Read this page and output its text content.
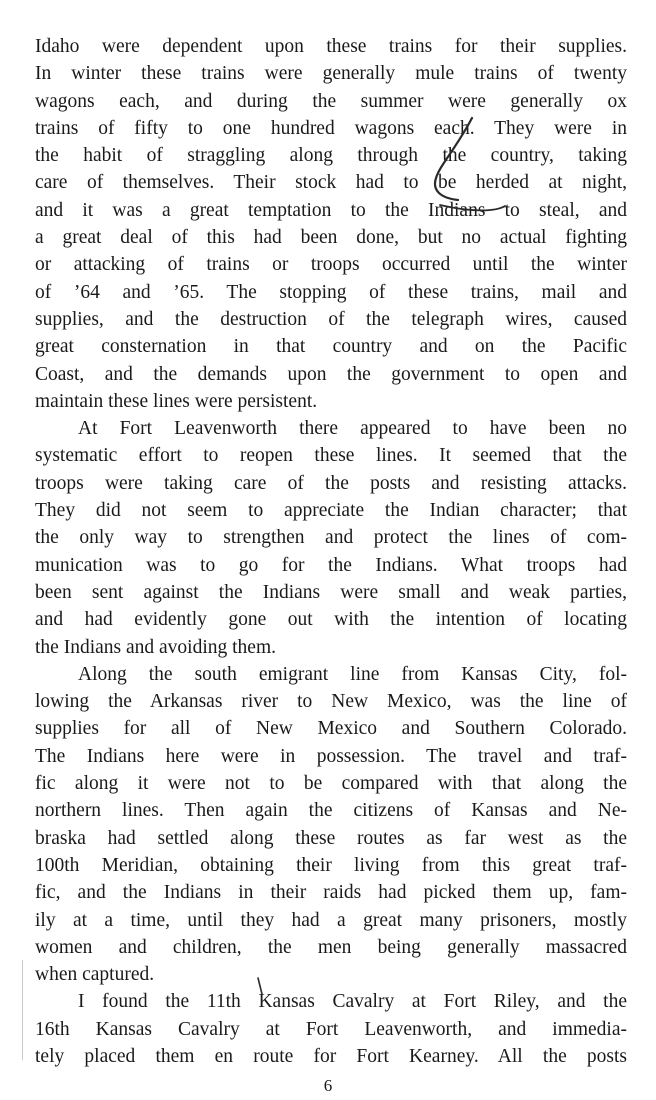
Idaho were dependent upon these trains for their supplies.
In winter these trains were generally mule trains of twenty
wagons each, and during the summer were generally ox
trains of fifty to one hundred wagons each. They were in
the habit of straggling along through the country, taking
care of themselves. Their stock had to be herded at night,
and it was a great temptation to the Indians to steal, and
a great deal of this had been done, but no actual fighting
or attacking of trains or troops occurred until the winter
of ’64 and ’65. The stopping of these trains, mail and
supplies, and the destruction of the telegraph wires, caused
great consternation in that country and on the Pacific
Coast, and the demands upon the government to open and
maintain these lines were persistent.
At Fort Leavenworth there appeared to have been no
systematic effort to reopen these lines. It seemed that the
troops were taking care of the posts and resisting attacks.
They did not seem to appreciate the Indian character; that
the only way to strengthen and protect the lines of com-
munication was to go for the Indians. What troops had
been sent against the Indians were small and weak parties,
and had evidently gone out with the intention of locating
the Indians and avoiding them.
Along the south emigrant line from Kansas City, fol-
lowing the Arkansas river to New Mexico, was the line of
supplies for all of New Mexico and Southern Colorado.
The Indians here were in possession. The travel and traf-
fic along it were not to be compared with that along the
northern lines. Then again the citizens of Kansas and Ne-
braska had settled along these routes as far west as the
100th Meridian, obtaining their living from this great traf-
fic, and the Indians in their raids had picked them up, fam-
ily at a time, until they had a great many prisoners, mostly
women and children, the men being generally massacred
when captured.
I found the 11th Kansas Cavalry at Fort Riley, and the
16th Kansas Cavalry at Fort Leavenworth, and immedia-
tely placed them en route for Fort Kearney. All the posts
6
